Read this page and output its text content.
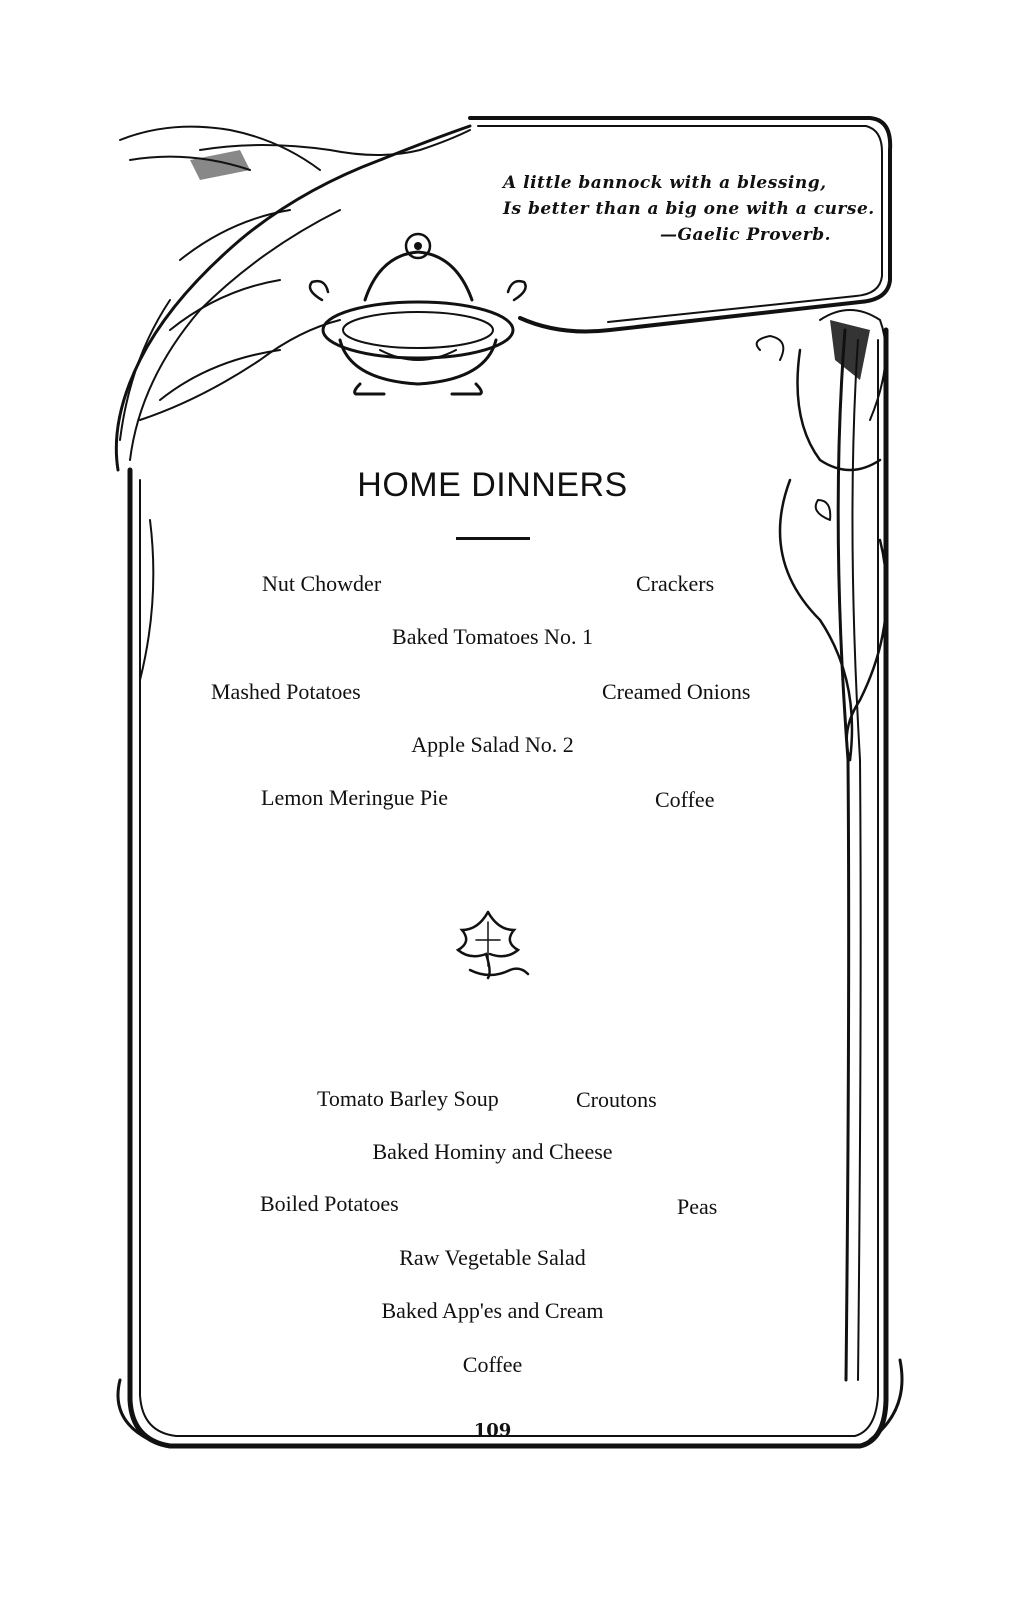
A little bannock with a blessing,
Is better than a big one with a curse.
—Gaelic Proverb.
HOME DINNERS
Nut Chowder	Crackers
Baked Tomatoes No. 1
Mashed Potatoes	Creamed Onions
Apple Salad No. 2
Lemon Meringue Pie	Coffee
Tomato Barley Soup	Croutons
Baked Hominy and Cheese
Boiled Potatoes	Peas
Raw Vegetable Salad
Baked App'es and Cream
Coffee
109
